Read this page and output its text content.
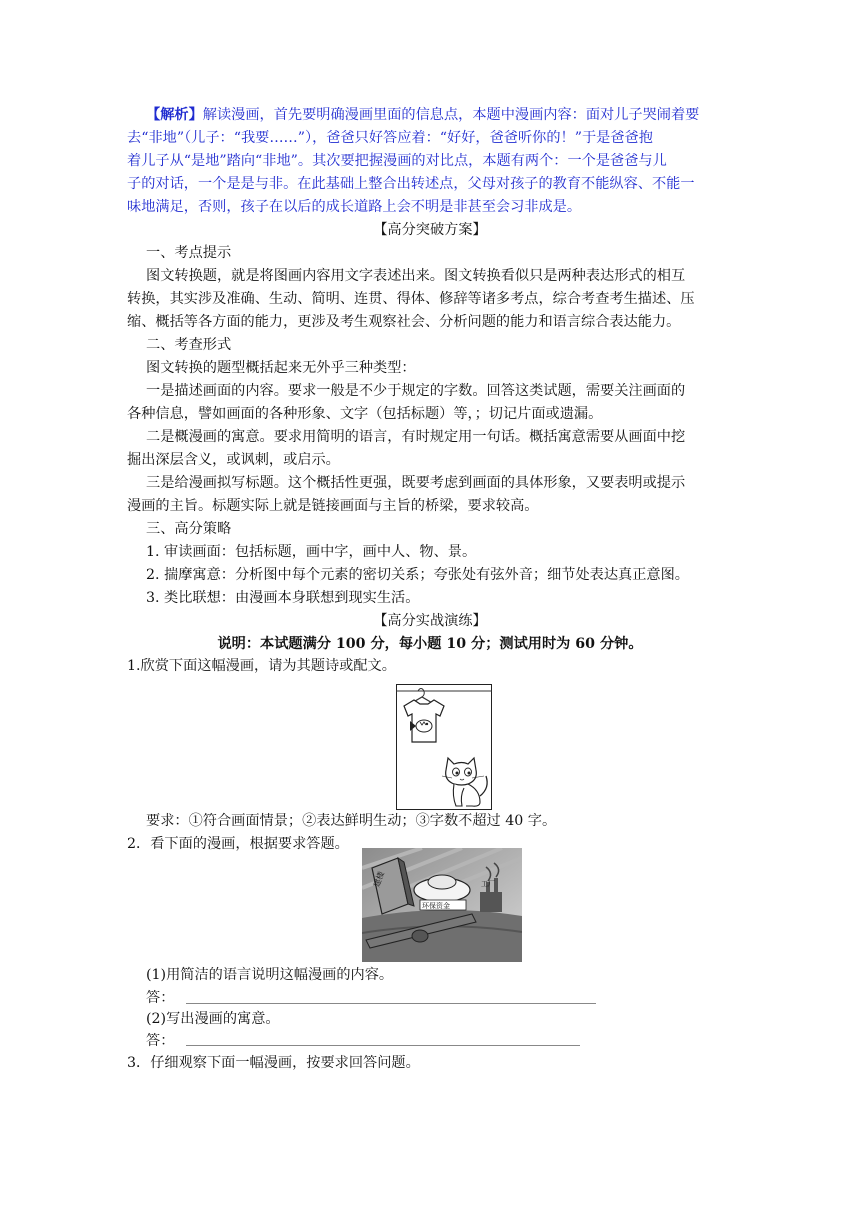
【解析】解读漫画，首先要明确漫画里面的信息点，本题中漫画内容：面对儿子哭闹着要
去“非地”（儿子：“我要……”），爸爸只好答应着：“好好，爸爸听你的！”于是爸爸抱
着儿子从“是地”踏向“非地”。其次要把握漫画的对比点，本题有两个：一个是爸爸与儿
子的对话，一个是是与非。在此基础上整合出转述点，父母对孩子的教育不能纵容、不能一
味地满足，否则，孩子在以后的成长道路上会不明是非甚至会习非成是。
【高分突破方案】
一、考点提示
图文转换题，就是将图画内容用文字表述出来。图文转换看似只是两种表达形式的相互
转换，其实涉及准确、生动、简明、连贯、得体、修辞等诸多考点，综合考查考生描述、压
缩、概括等各方面的能力，更涉及考生观察社会、分析问题的能力和语言综合表达能力。
二、考查形式
图文转换的题型概括起来无外乎三种类型：
一是描述画面的内容。要求一般是不少于规定的字数。回答这类试题，需要关注画面的
各种信息，譬如画面的各种形象、文字（包括标题）等，；切记片面或遗漏。
二是概漫画的寓意。要求用简明的语言，有时规定用一句话。概括寓意需要从画面中挖
掘出深层含义，或讽刺，或启示。
三是给漫画拟写标题。这个概括性更强，既要考虑到画面的具体形象，又要表明或提示
漫画的主旨。标题实际上就是链接画面与主旨的桥梁，要求较高。
三、高分策略
1. 审读画面：包括标题，画中字，画中人、物、景。
2. 揣摩寓意：分析图中每个元素的密切关系；夸张处有弦外音；细节处表达真正意图。
3. 类比联想：由漫画本身联想到现实生活。
【高分实战演练】
说明：本试题满分 100 分，每小题 10 分；测试用时为 60 分钟。
1.欣赏下面这幅漫画，请为其题诗或配文。
要求：①符合画面情景；②表达鲜明生动；③字数不超过 40 字。
2．看下面的漫画，根据要求答题。
工厂
建楼
环保资金
(1)用简洁的语言说明这幅漫画的内容。
答：
(2)写出漫画的寓意。
答：
3．仔细观察下面一幅漫画，按要求回答问题。
